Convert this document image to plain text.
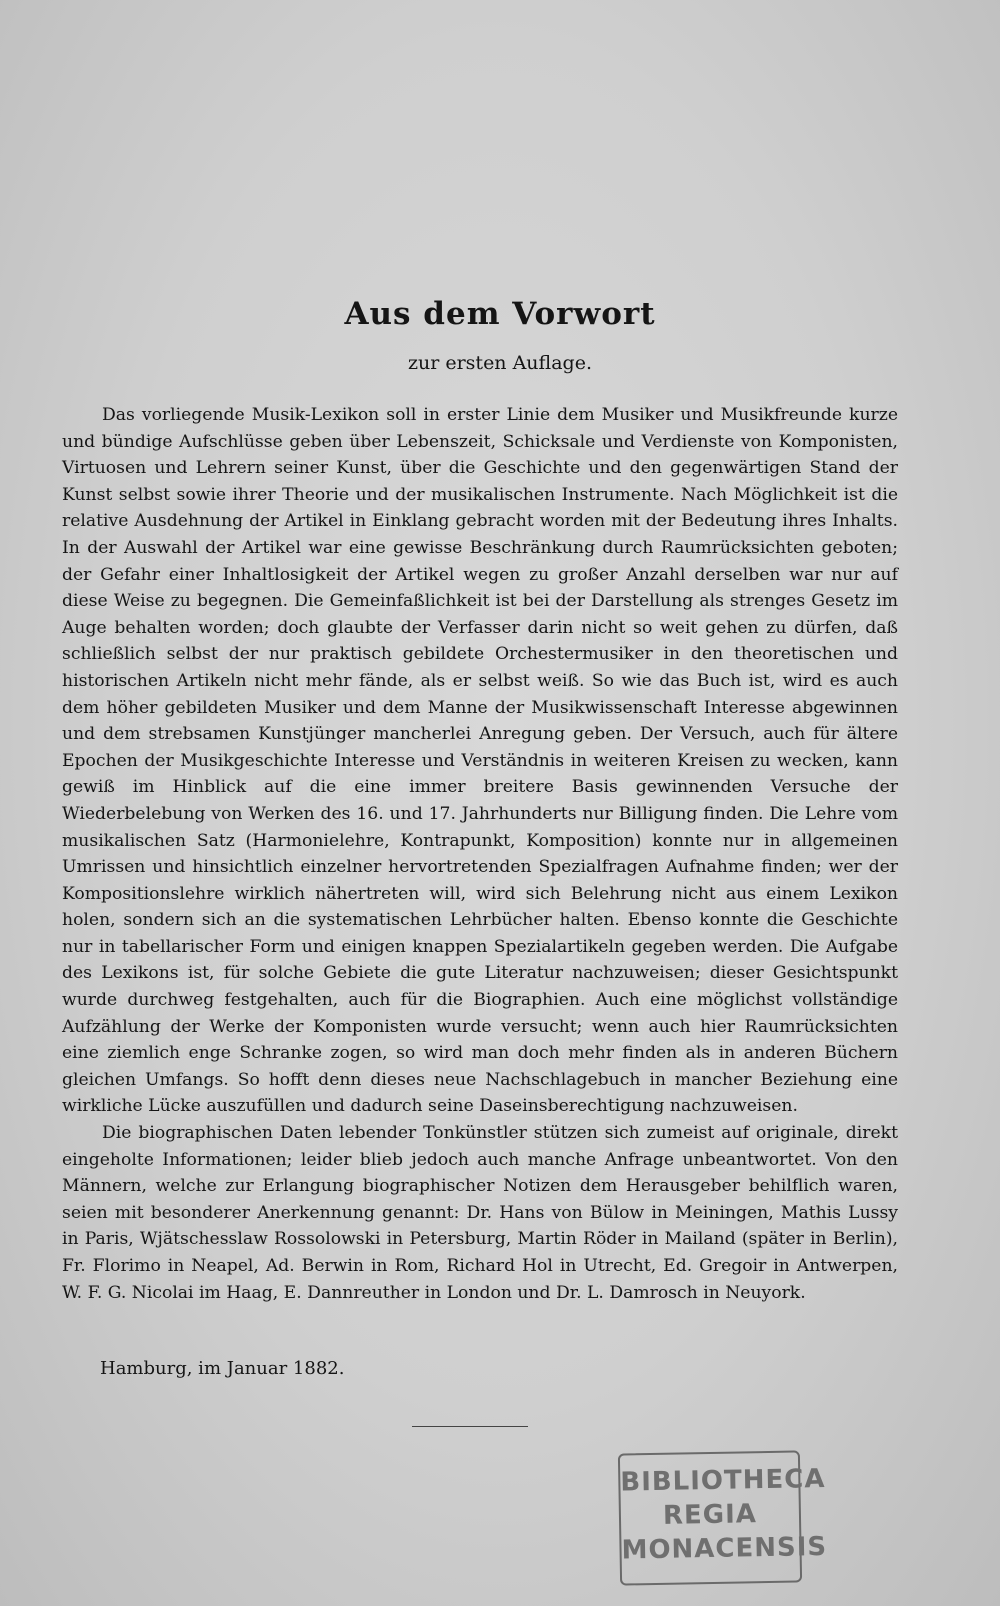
Aus dem Vorwort
zur ersten Auflage.

Das vorliegende Musik-Lexikon soll in erster Linie dem Musiker und Musikfreunde kurze und bündige Aufschlüsse geben über Lebenszeit, Schicksale und Verdienste von Komponisten, Virtuosen und Lehrern seiner Kunst, über die Geschichte und den gegenwärtigen Stand der Kunst selbst sowie ihrer Theorie und der musikalischen Instrumente. Nach Möglichkeit ist die relative Ausdehnung der Artikel in Einklang gebracht worden mit der Bedeutung ihres Inhalts. In der Auswahl der Artikel war eine gewisse Beschränkung durch Raumrücksichten geboten; der Gefahr einer Inhaltlosigkeit der Artikel wegen zu großer Anzahl derselben war nur auf diese Weise zu begegnen. Die Gemeinfaßlichkeit ist bei der Darstellung als strenges Gesetz im Auge behalten worden; doch glaubte der Verfasser darin nicht so weit gehen zu dürfen, daß schließlich selbst der nur praktisch gebildete Orchestermusiker in den theoretischen und historischen Artikeln nicht mehr fände, als er selbst weiß. So wie das Buch ist, wird es auch dem höher gebildeten Musiker und dem Manne der Musikwissenschaft Interesse abgewinnen und dem strebsamen Kunstjünger mancherlei Anregung geben. Der Versuch, auch für ältere Epochen der Musikgeschichte Interesse und Verständnis in weiteren Kreisen zu wecken, kann gewiß im Hinblick auf die eine immer breitere Basis gewinnenden Versuche der Wiederbelebung von Werken des 16. und 17. Jahrhunderts nur Billigung finden. Die Lehre vom musikalischen Satz (Harmonielehre, Kontrapunkt, Komposition) konnte nur in allgemeinen Umrissen und hinsichtlich einzelner hervortretenden Spezialfragen Aufnahme finden; wer der Kompositionslehre wirklich nähertreten will, wird sich Belehrung nicht aus einem Lexikon holen, sondern sich an die systematischen Lehrbücher halten. Ebenso konnte die Geschichte nur in tabellarischer Form und einigen knappen Spezialartikeln gegeben werden. Die Aufgabe des Lexikons ist, für solche Gebiete die gute Literatur nachzuweisen; dieser Gesichtspunkt wurde durchweg festgehalten, auch für die Biographien. Auch eine möglichst vollständige Aufzählung der Werke der Komponisten wurde versucht; wenn auch hier Raumrücksichten eine ziemlich enge Schranke zogen, so wird man doch mehr finden als in anderen Büchern gleichen Umfangs. So hofft denn dieses neue Nachschlagebuch in mancher Beziehung eine wirkliche Lücke auszufüllen und dadurch seine Daseinsberechtigung nachzuweisen.

Die biographischen Daten lebender Tonkünstler stützen sich zumeist auf originale, direkt eingeholte Informationen; leider blieb jedoch auch manche Anfrage unbeantwortet. Von den Männern, welche zur Erlangung biographischer Notizen dem Herausgeber behilflich waren, seien mit besonderer Anerkennung genannt: Dr. Hans von Bülow in Meiningen, Mathis Lussy in Paris, Wjätschesslaw Rossolowski in Petersburg, Martin Röder in Mailand (später in Berlin), Fr. Florimo in Neapel, Ad. Berwin in Rom, Richard Hol in Utrecht, Ed. Gregoir in Antwerpen, W. F. G. Nicolai im Haag, E. Dannreuther in London und Dr. L. Damrosch in Neuyork.

Hamburg, im Januar 1882.
BIBLIOTHECA
REGIA
MONACENSIS
